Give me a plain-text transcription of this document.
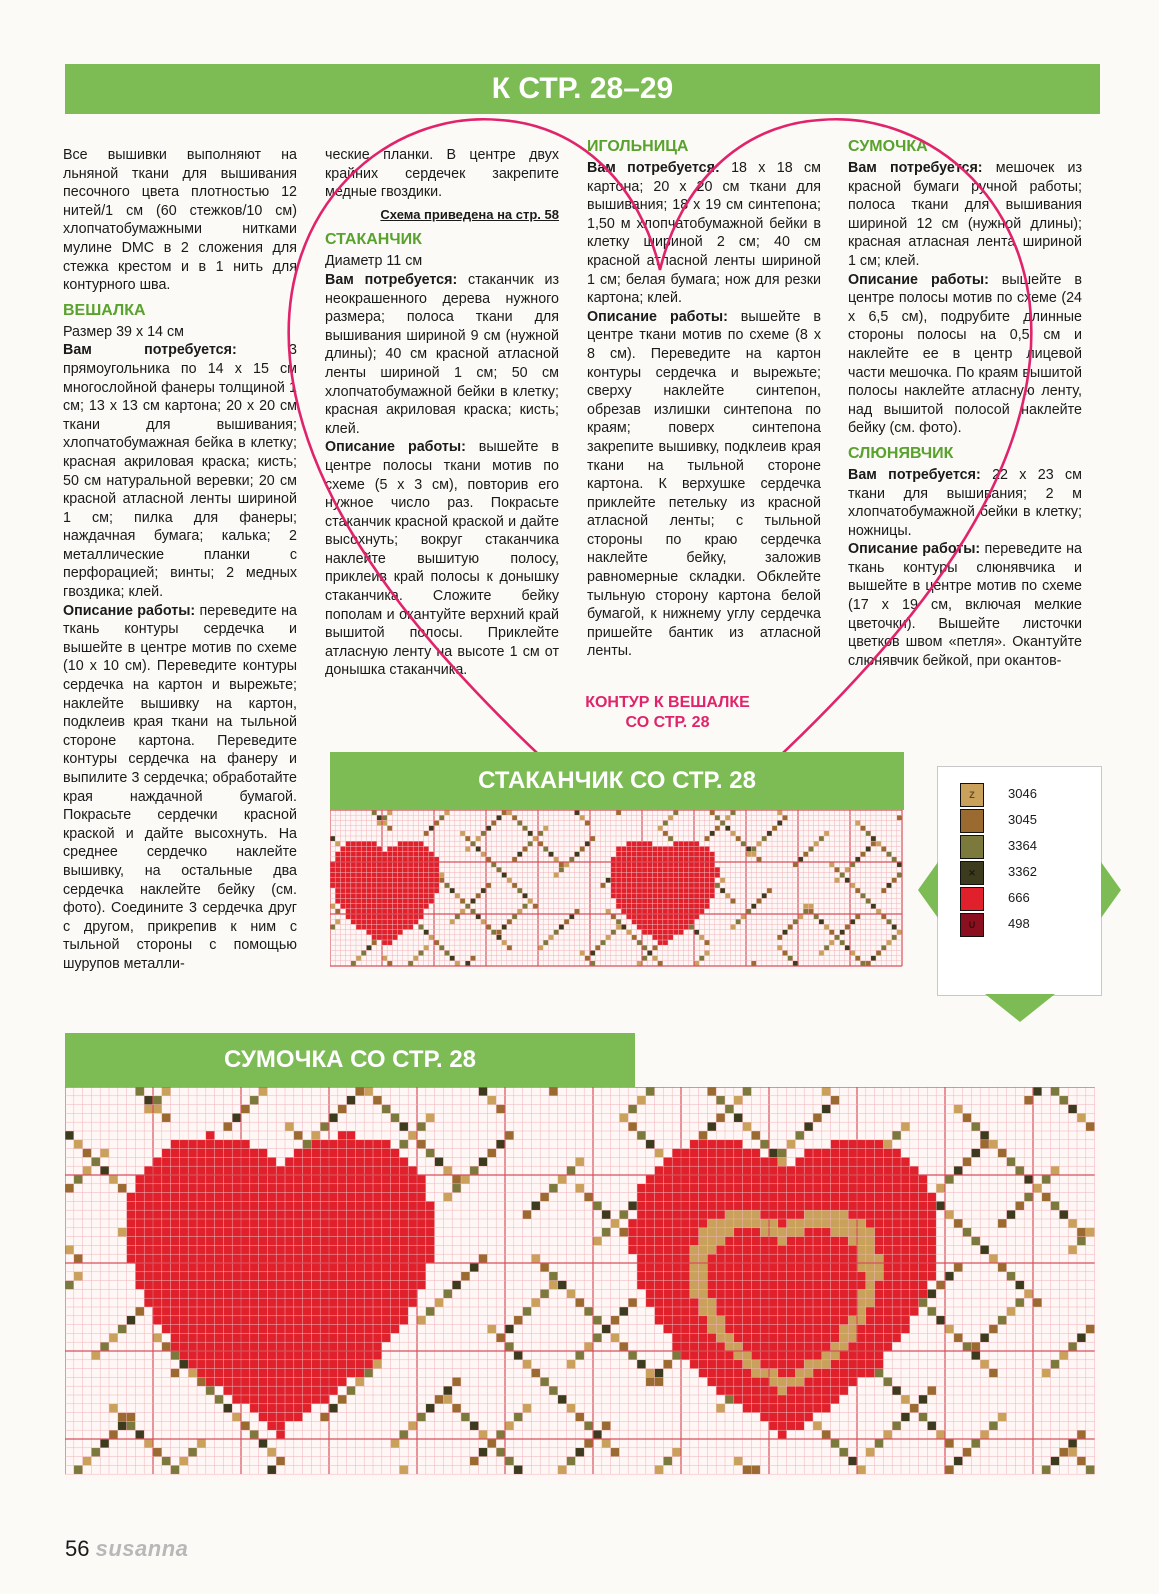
К СТР. 28–29

Все вышивки выполняют на льняной ткани для вышивания песочного цвета плотностью 12 нитей/1 см (60 стежков/10 см) хлопчатобумажными нитками мулине DMC в 2 сложения для стежка крестом и в 1 нить для контурного шва.

ВЕШАЛКА

Размер 39 х 14 см

Вам потребуется: 3 прямоугольника по 14 х 15 см многослойной фанеры толщиной 1 см; 13 х 13 см картона; 20 х 20 см ткани для вышивания; хлопчатобумажная бейка в клетку; красная акриловая краска; кисть; 50 см натуральной веревки; 20 см красной атласной ленты шириной 1 см; пилка для фанеры; наждачная бумага; калька; 2 металлические планки с перфорацией; винты; 2 медных гвоздика; клей.

Описание работы: переведите на ткань контуры сердечка и вышейте в центре мотив по схеме (10 х 10 см). Переведите контуры сердечка на картон и вырежьте; наклейте вышивку на картон, подклеив края ткани на тыльной стороне картона. Переведите контуры сердечка на фанеру и выпилите 3 сердечка; обработайте края наждачной бумагой. Покрасьте сердечки красной краской и дайте высохнуть. На среднее сердечко наклейте вышивку, на остальные два сердечка наклейте бейку (см. фото). Соедините 3 сердечка друг с другом, прикрепив к ним с тыльной стороны с помощью шурупов металли-

ческие планки. В центре двух крайних сердечек закрепите медные гвоздики.

Схема приведена на стр. 58
СТАКАНЧИК

Диаметр 11 см

Вам потребуется: стаканчик из неокрашенного дерева нужного размера; полоса ткани для вышивания шириной 9 см (нужной длины); 40 см красной атласной ленты шириной 1 см; 50 см хлопчатобумажной бейки в клетку; красная акриловая краска; кисть; клей.

Описание работы: вышейте в центре полосы ткани мотив по схеме (5 х 3 см), повторив его нужное число раз. Покрасьте стаканчик красной краской и дайте высохнуть; вокруг стаканчика наклейте вышитую полосу, приклеив край полосы к донышку стаканчика. Сложите бейку пополам и окантуйте верхний край вышитой полосы. Приклейте атласную ленту на высоте 1 см от донышка стаканчика.

ИГОЛЬНИЦА

Вам потребуется: 18 х 18 см картона; 20 х 20 см ткани для вышивания; 18 х 19 см синтепона; 1,50 м хлопчатобумажной бейки в клетку шириной 2 см; 40 см красной атласной ленты шириной 1 см; белая бумага; нож для резки картона; клей.

Описание работы: вышейте в центре ткани мотив по схеме (8 х 8 см). Переведите на картон контуры сердечка и вырежьте; сверху наклейте синтепон, обрезав излишки синтепона по краям; поверх синтепона закрепите вышивку, подклеив края ткани на тыльной стороне картона. К верхушке сердечка приклейте петельку из красной атласной ленты; с тыльной стороны по краю сердечка наклейте бейку, заложив равномерные складки. Обклейте тыльную сторону картона белой бумагой, к нижнему углу сердечка пришейте бантик из атласной ленты.

СУМОЧКА

Вам потребуется: мешочек из красной бумаги ручной работы; полоса ткани для вышивания шириной 12 см (нужной длины); красная атласная лента шириной 1 см; клей.

Описание работы: вышейте в центре полосы мотив по схеме (24 х 6,5 см), подрубите длинные стороны полосы на 0,5 см и наклейте ее в центр лицевой части мешочка. По краям вышитой полосы наклейте атласную ленту, над вышитой полосой наклейте бейку (см. фото).

СЛЮНЯВЧИК

Вам потребуется: 22 х 23 см ткани для вышивания; 2 м хлопчатобумажной бейки в клетку; ножницы.

Описание работы: переведите на ткань контуры слюнявчика и вышейте в центре мотив по схеме (17 х 19 см, включая мелкие цветочки). Вышейте листочки цветков швом «петля». Окантуйте слюнявчик бейкой, при окантов-

КОНТУР К ВЕШАЛКЕ
СО СТР. 28
СТАКАНЧИК СО СТР. 28
Z	3046
3045
3364
✕	3362
666
U	498
СУМОЧКА СО СТР. 28
56 susanna
